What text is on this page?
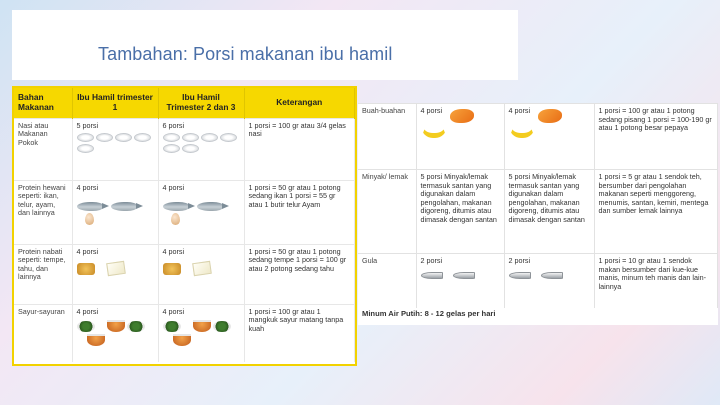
Tambahan: Porsi makanan ibu hamil
Bahan Makanan	Ibu Hamil trimester 1	Ibu Hamil Trimester 2 dan 3	Keterangan
Nasi atau Makanan Pokok	5 porsi	6 porsi	1 porsi = 100 gr atau 3/4 gelas nasi
Protein hewani seperti: ikan, telur, ayam, dan lainnya	4 porsi	4 porsi	1 porsi = 50 gr atau 1 potong sedang ikan 1 porsi = 55 gr atau 1 butir telur Ayam
Protein nabati seperti: tempe, tahu, dan lainnya	4 porsi	4 porsi	1 porsi = 50 gr atau 1 potong sedang tempe 1 porsi = 100 gr atau 2 potong sedang tahu
Sayur-sayuran	4 porsi	4 porsi	1 porsi = 100 gr atau 1 mangkuk sayur matang tanpa kuah
Buah-buahan	4 porsi	4 porsi	1 porsi = 100 gr atau 1 potong sedang pisang 1 porsi = 100-190 gr atau 1 potong besar pepaya
Minyak/ lemak	5 porsi Minyak/lemak termasuk santan yang digunakan dalam pengolahan, makanan digoreng, ditumis atau dimasak dengan santan	5 porsi Minyak/lemak termasuk santan yang digunakan dalam pengolahan, makanan digoreng, ditumis atau dimasak dengan santan	1 porsi = 5 gr atau 1 sendok teh, bersumber dari pengolahan makanan seperti menggoreng, menumis, santan, kemiri, mentega dan sumber lemak lainnya
Gula	2 porsi	2 porsi	1 porsi = 10 gr atau 1 sendok makan bersumber dari kue-kue manis, minum teh manis dan lain-lainnya
Minum Air Putih: 8 - 12 gelas per hari
